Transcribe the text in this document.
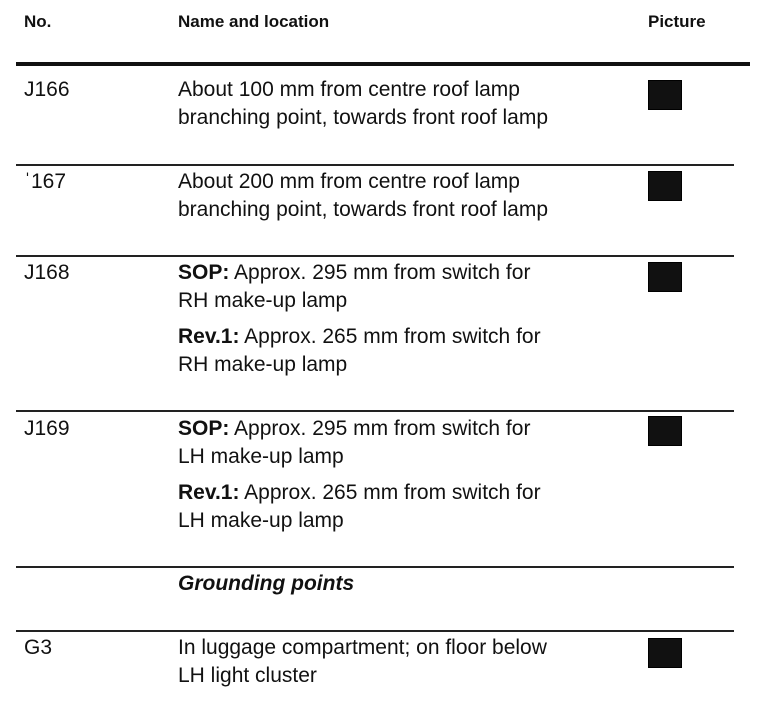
No.	Name and location	Picture
J166	About 100 mm from centre roof lamp

branching point, towards front roof lamp

ˈ167	About 200 mm from centre roof lamp

branching point, towards front roof lamp

J168	SOP: Approx. 295 mm from switch for
RH make-up lamp

Rev.1: Approx. 265 mm from switch for
RH make-up lamp

J169	SOP: Approx. 295 mm from switch for
LH make-up lamp

Rev.1: Approx. 265 mm from switch for
LH make-up lamp

Grounding points
G3	In luggage compartment; on floor below

LH light cluster
